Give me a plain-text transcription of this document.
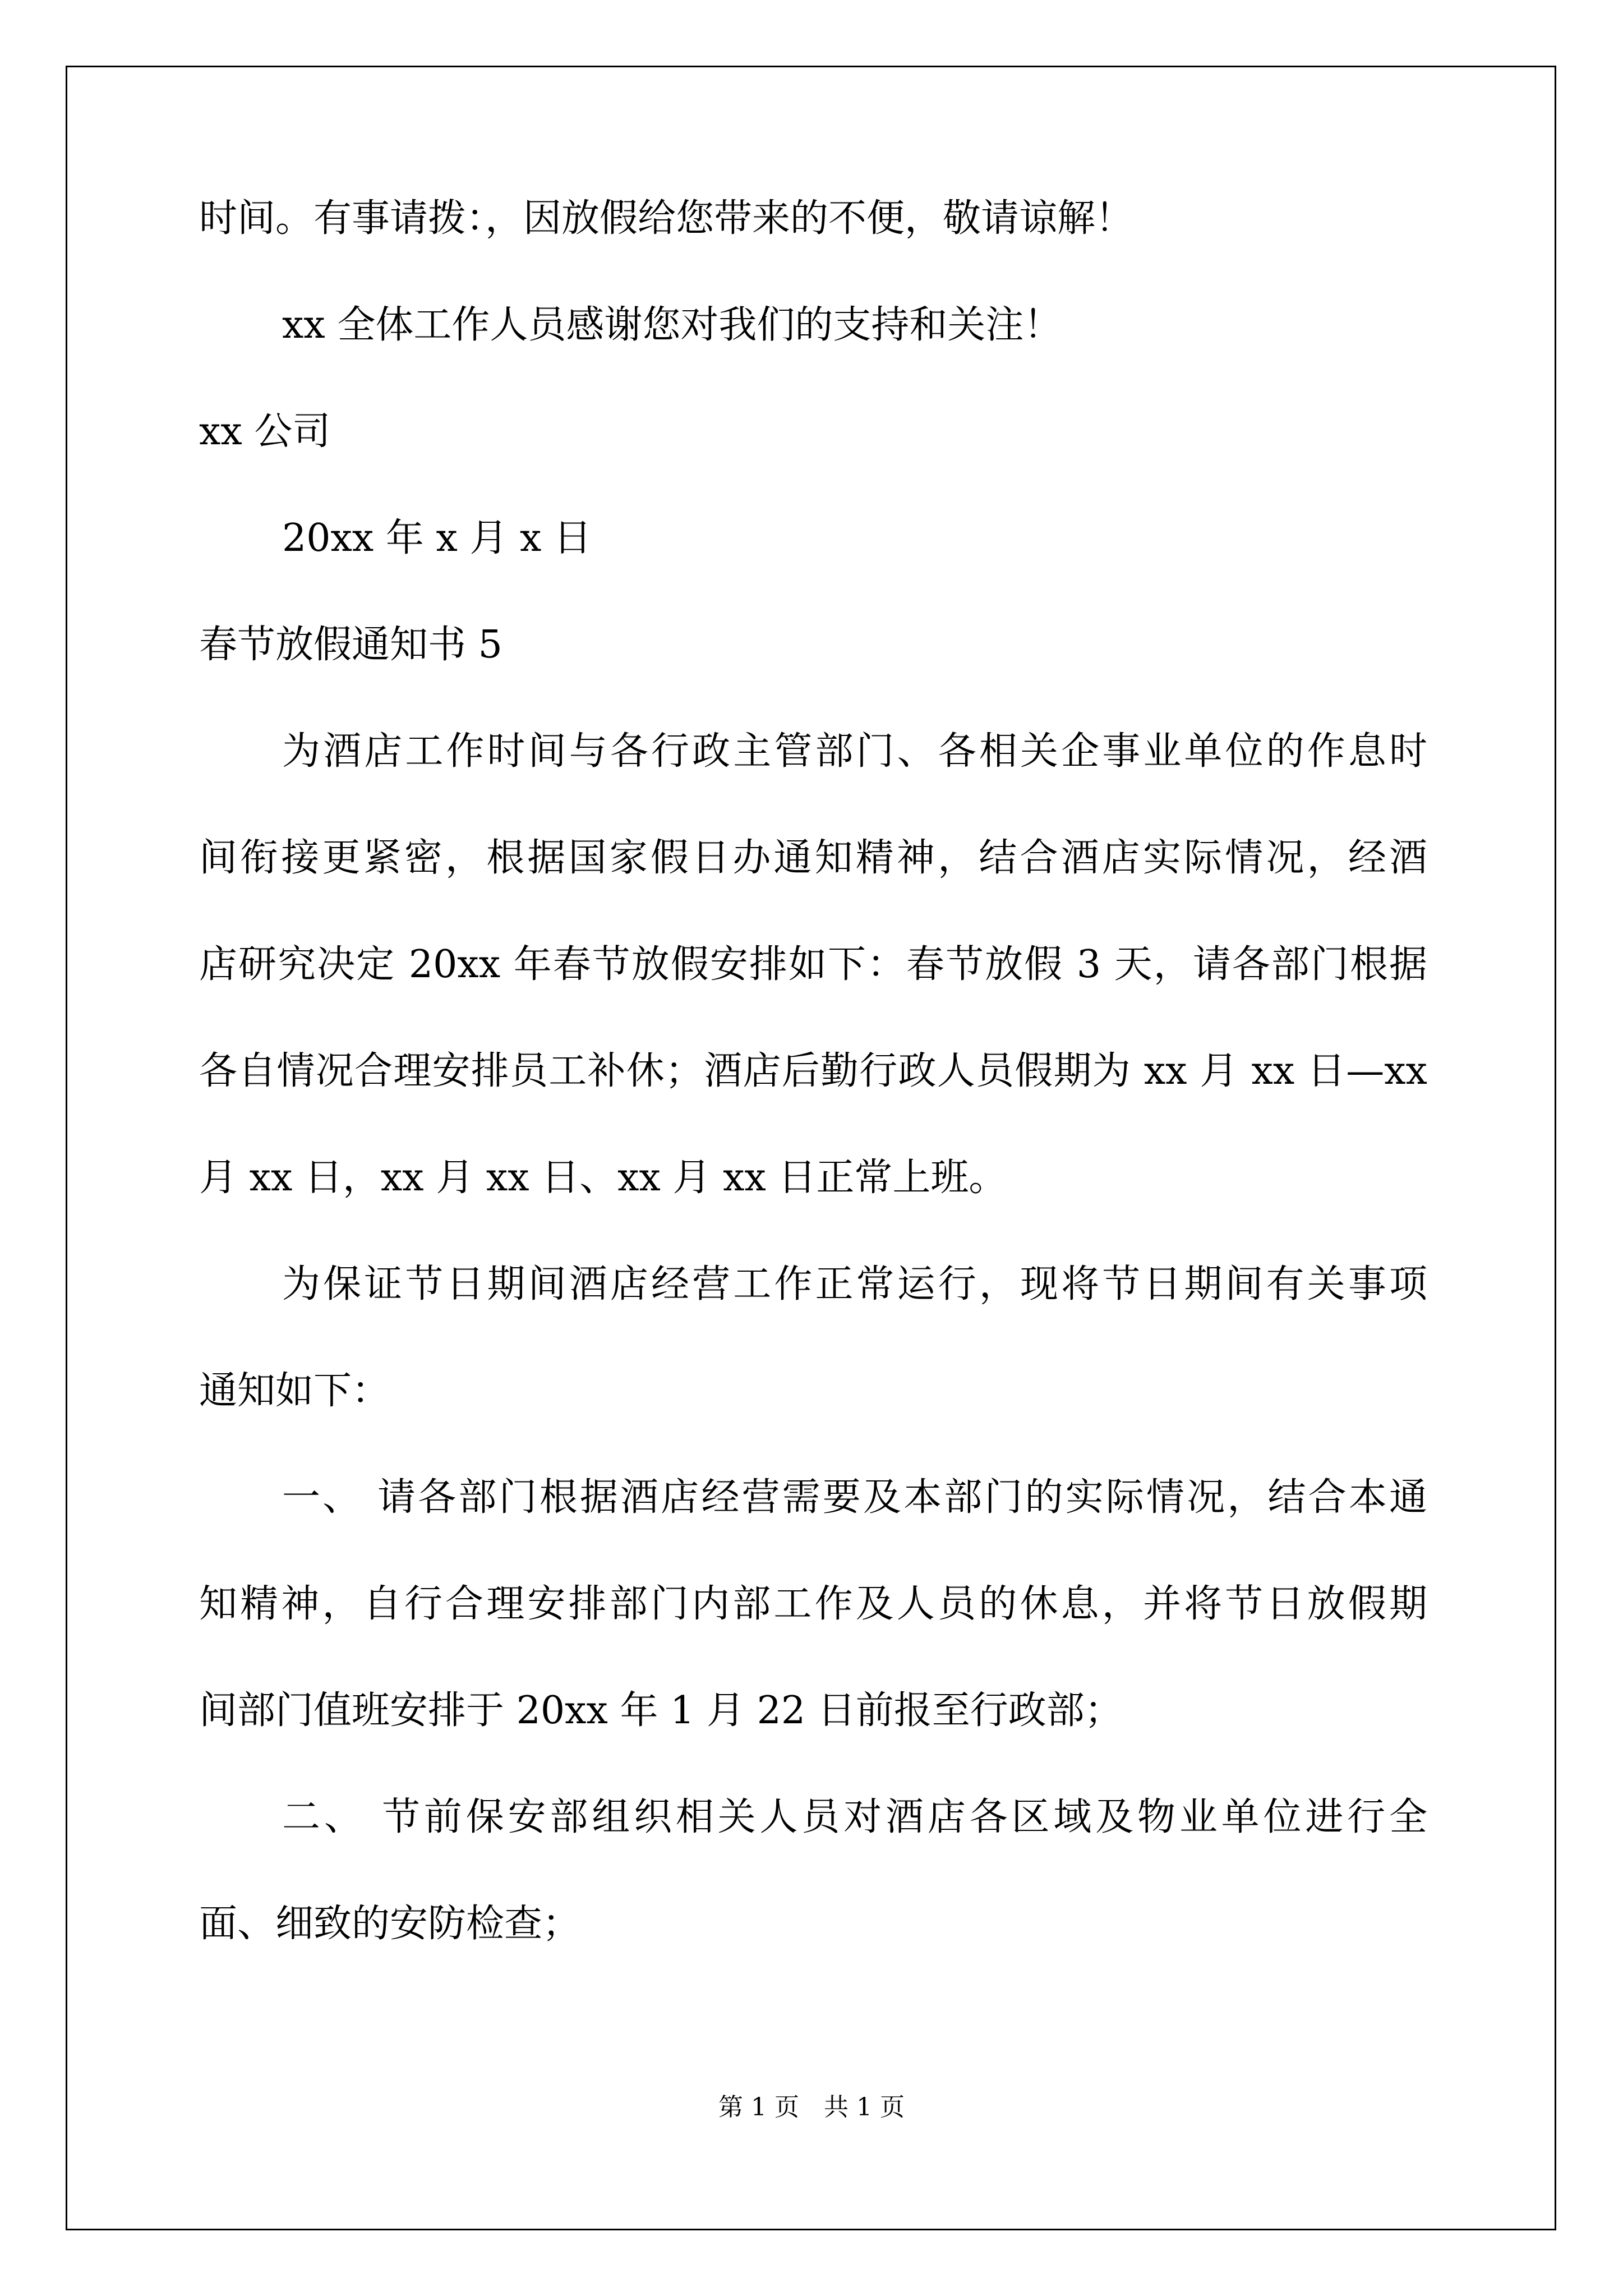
时间。有事请拨：，因放假给您带来的不便，敬请谅解！
xx 全体工作人员感谢您对我们的支持和关注！
xx 公司
20xx 年 x 月 x 日
春节放假通知书 5
为酒店工作时间与各行政主管部门、各相关企事业单位的作息时
间衔接更紧密，根据国家假日办通知精神，结合酒店实际情况，经酒
店研究决定 20xx 年春节放假安排如下：春节放假 3 天，请各部门根据
各自情况合理安排员工补休；酒店后勤行政人员假期为 xx 月 xx 日—xx
月 xx 日，xx 月 xx 日、xx 月 xx 日正常上班。
为保证节日期间酒店经营工作正常运行，现将节日期间有关事项
通知如下：
一、 请各部门根据酒店经营需要及本部门的实际情况，结合本通
知精神，自行合理安排部门内部工作及人员的休息，并将节日放假期
间部门值班安排于 20xx 年 1 月 22 日前报至行政部；
二、 节前保安部组织相关人员对酒店各区域及物业单位进行全
面、细致的安防检查；
第 1 页　共 1 页
